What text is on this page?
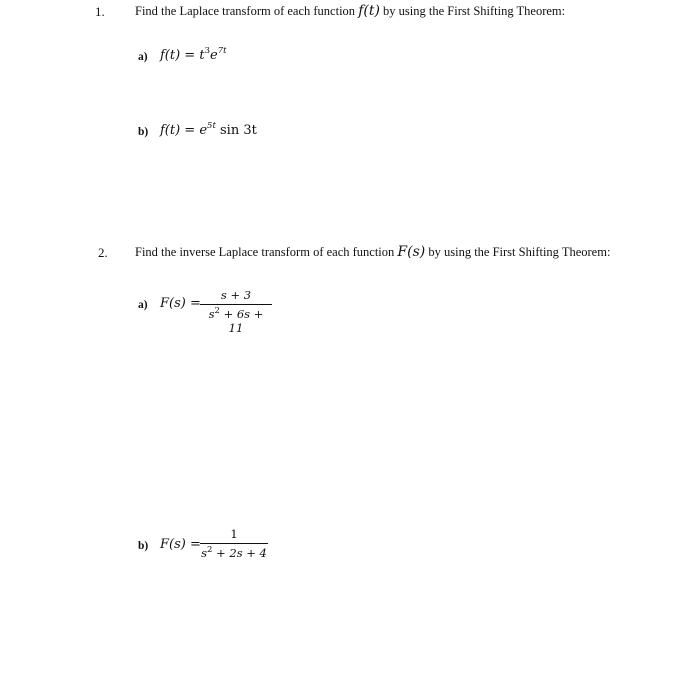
1. Find the Laplace transform of each function f(t) by using the First Shifting Theorem:
a) $f(t) = t^3e^{7t}$
b) $f(t) = e^{5t}$ sin 3t
2. Find the inverse Laplace transform of each function F(s) by using the First Shifting Theorem:
a) F(s) =
s + 3
$s^2 + 6s + 11$
b) F(s) =
1
$s^2 + 2s + 4$
